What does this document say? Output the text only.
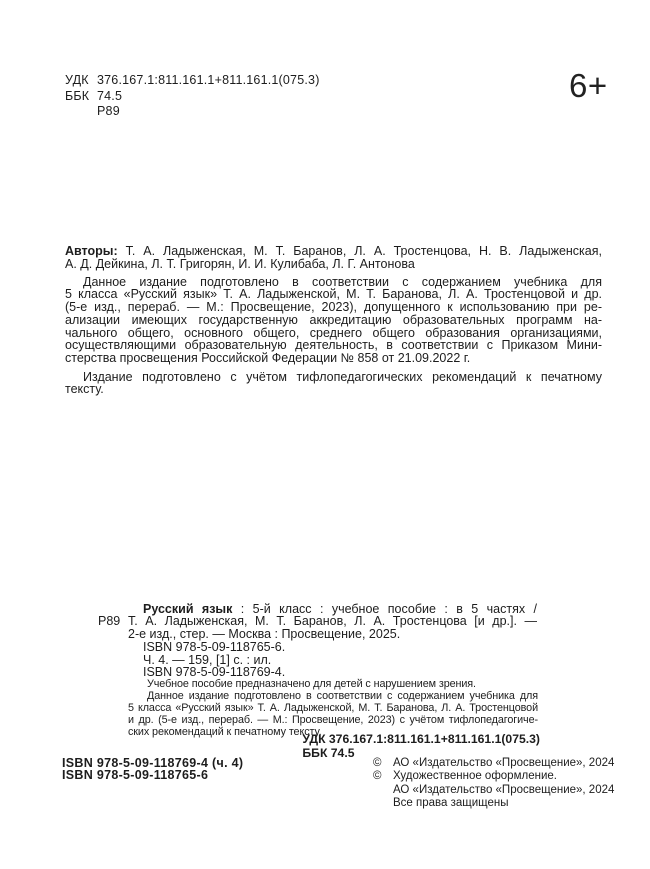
УДК 376.167.1:811.161.1+811.161.1(075.3)
ББК 74.5
Р89
6+
Авторы: Т. А. Ладыженская, М. Т. Баранов, Л. А. Тростенцова, Н. В. Ладыженская,
А. Д. Дейкина, Л. Т. Григорян, И. И. Кулибаба, Л. Г. Антонова
Данное издание подготовлено в соответствии с содержанием учебника для
5 класса «Русский язык» Т. А. Ладыженской, М. Т. Баранова, Л. А. Тростенцовой и др.
(5-е изд., перераб. — М.: Просвещение, 2023), допущенного к использованию при ре-
ализации имеющих государственную аккредитацию образовательных программ на-
чального общего, основного общего, среднего общего образования организациями,
осуществляющими образовательную деятельность, в соответствии с Приказом Мини-
стерства просвещения Российской Федерации № 858 от 21.09.2022 г.
Издание подготовлено с учётом тифлопедагогических рекомендаций к печатному
тексту.
Р89
Русский язык : 5-й класс : учебное пособие : в 5 частях /
Т. А. Ладыженская, М. Т. Баранов, Л. А. Тростенцова [и др.]. —
2-е изд., стер. — Москва : Просвещение, 2025.
ISBN 978-5-09-118765-6.
Ч. 4. — 159, [1] с. : ил.
ISBN 978-5-09-118769-4.
Учебное пособие предназначено для детей с нарушением зрения.
Данное издание подготовлено в соответствии с содержанием учебника для
5 класса «Русский язык» Т. А. Ладыженской, М. Т. Баранова, Л. А. Тростенцовой
и др. (5-е изд., перераб. — М.: Просвещение, 2023) с учётом тифлопедагогиче-
ских рекомендаций к печатному тексту.
УДК 376.167.1:811.161.1+811.161.1(075.3)
ББК 74.5
ISBN 978-5-09-118769-4 (ч. 4)
ISBN 978-5-09-118765-6
©	АО «Издательство «Просвещение», 2024
©	Художественное оформление.
АО «Издательство «Просвещение», 2024
Все права защищены
